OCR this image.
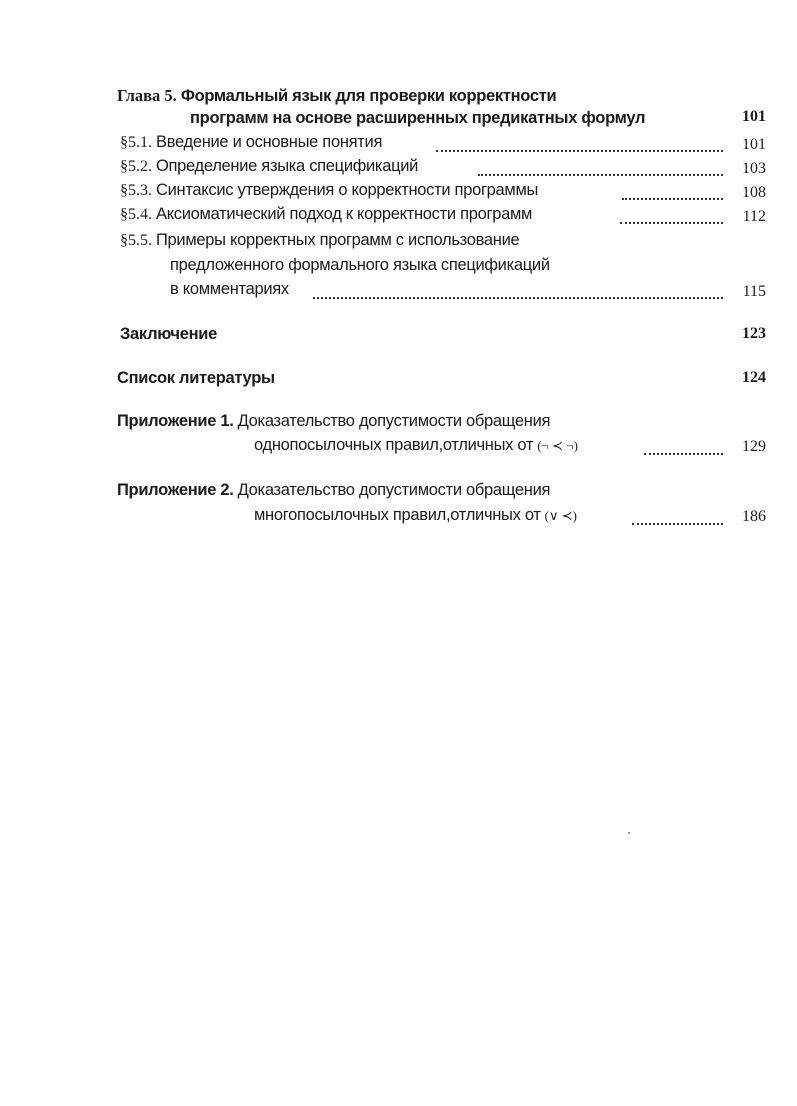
Глава 5. Формальный язык для проверки корректности
программ на основе расширенных предикатных формул	101
§5.1. Введение и основные понятия	101
§5.2. Определение языка спецификаций	103
§5.3. Синтаксис утверждения о корректности программы	108
§5.4. Аксиоматический подход к корректности программ	112
§5.5. Примеры корректных программ с использование
предложенного формального языка спецификаций
в комментариях	115
Заключение	123
Список литературы	124
Приложение 1. Доказательство допустимости обращения
однопосылочных правил,отличных от (¬ ≺ ¬)	129
Приложение 2. Доказательство допустимости обращения
многопосылочных правил,отличных от (∨ ≺)	186
